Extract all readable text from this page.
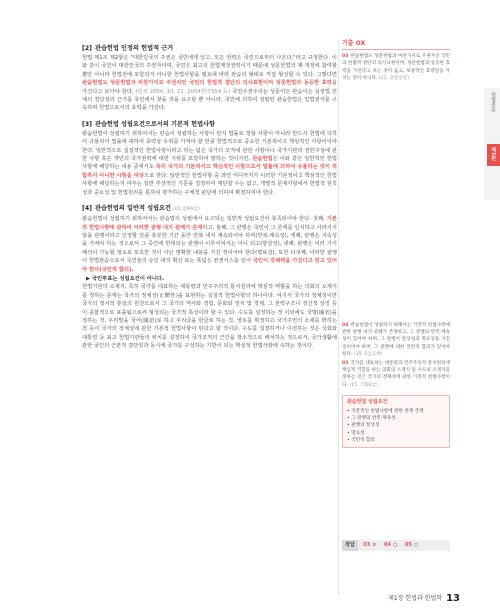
[2] 관습헌법 인정의 헌법적 근거

헌법 제1조 제2항은 "대한민국의 주권은 국민에게 있고, 모든 권력은 국민으로부터 나온다."라고 규정한다. 이와 같이 국민이 대한민국의 주권자이며, 국민은 최고의 헌법제정권력이기 때문에 성문헌법의 제·개정에 참여할 뿐만 아니라 헌법전에 포함되지 아니한 헌법사항을 필요에 따라 관습의 형태로 직접 형성할 수 있다. 그렇다면 관습헌법도 성문헌법과 마찬가지로 주권자인 국민의 헌법적 결단의 의사표현이며 성문헌법과 동등한 효력을 가진다고 보아야 한다. (헌재 2004. 10. 21. 2004헌마554 등) 국민주권주의는 성문이든 관습이든 실정법 전체의 정당성의 근거를 국민에서 찾을 것을 요구할 뿐 아니라, 국민에 의하여 정립된 관습헌법은 입법권자를 구속하며 헌법으로서의 효력을 가진다.

[3] 관습헌법 성립요건으로서의 기본적 헌법사항

관습헌법이 성립하기 위하여서는 관습이 성립하는 사항이 단지 법률로 정할 사항이 아니라 반드시 헌법에 의하여 규율되어 법률에 대하여 효력상 우위를 가져야 할 만큼 헌법적으로 중요한 기본적이고 핵심적인 사항이어야 한다. 일반적으로 실질적인 헌법사항이라고 하는 넓은 국가의 조직에 관한 사항이나 국가기관의 권한구성에 관한 사항 혹은 개인의 국가권력에 대한 지위를 포함하여 말하는 것이지만, 관습헌법은 이와 같은 일반적인 헌법사항에 해당하는 내용 중에서도 특히 국가의 기본적이고 핵심적인 사항으로서 법률에 의하여 규율하는 것이 적합하지 아니한 사항을 대상으로 한다. 일반적인 헌법사항 중 과연 어디까지가 이러한 기본적이고 핵심적인 헌법사항에 해당하는지 여부는 일반 추상적인 기준을 설정하여 재단할 수는 없고, 개별적 문제사항에서 헌법적 원칙성과 중요성 및 헌법원리를 통하여 평가하는 구체적 판단에 의하여 확정하여야 한다.

[4] 관습헌법의 일반적 성립요건 (05 법원9급)

관습헌법이 성립하기 위하여서는 관습법의 성립에서 요구되는 일반적 성립요건이 충족되어야 한다. 첫째, 기본적 헌법사항에 관하여 어떠한 관행 내지 관례가 존재하고, 둘째, 그 관행은 국민이 그 존재를 인식하고 사라지지 않을 관행이라고 인정할 만큼 충분한 기간 동안 반복 내지 계속되어야 하며(반복·계속성), 셋째, 관행은 지속성을 가져야 하는 것으로서 그 중간에 반대되는 관행이 이루어져서는 아니 되고(항상성), 넷째, 관행은 여러 가지 해석이 가능할 정도로 모호한 것이 아닌 명확한 내용을 가진 것이어야 한다(명료성). 또한 다섯째, 이러한 관행이 헌법관습으로서 국민들의 승인 내지 확신 또는 폭넓은 컨센서스를 얻어 국민이 강제력을 가진다고 믿고 있어야 한다(국민적 합의).

▶ 국민투표는 성립요건이 아니다.

헌법기관의 소재지, 특히 국가를 대표하는 대통령과 민주주의적 통치원리에 핵심적 역할을 하는 의회의 소재지를 정하는 문제는 국가의 정체성(正體性)을 표현하는 실질적 헌법사항의 하나이다. 여기서 국가의 정체성이란 국가의 정서적 통일의 원천으로서 그 국가의 역사와 경험, 문화와 정치 및 경제, 그 권력구조나 정신적 상징 등이 종합적으로 표출됨으로써 형성되는 국가적 특성이라 할 수 있다. 수도를 설정하는 것 이외에도 국명(國名)을 정하는 것, 우리말을 국어(國語)로 하고 우리글을 한글로 하는 것, 영토를 획정하고 국가주권의 소재를 밝히는 것 등이 국가의 정체성에 관한 기본적 헌법사항이 된다고 할 것이다. 수도를 설정하거나 이전하는 것은 국회와 대통령 등 최고 헌법기관들의 위치를 설정하여 국가조직의 근간을 장소적으로 배치하는 것으로서, 국가생활에 관한 국민의 근본적 결단임과 동시에 국가를 구성하는 기반이 되는 핵심적 헌법사항에 속하는 것이다.

기출 OX

03 관습헌법도 성문헌법과 마찬가지로 주권자인 국민의 헌법적 결단의 의사표현이며, 성문헌법과 동등한 효력을 가진다고 보는 것이 옳고, 보충적인 효력만을 가지는 것이 아니다. (22. 경찰승진)

04 관습헌법이 성립하기 위해서는 기본적 헌법사항에 관한 관행 내지 관례가 존재하고, 그 관행의 반복·계속성이 있어야 하며, 그 관행이 항상성과 명료성을 가진 것이어야 하며, 그 관행에 대한 국민적 합의가 있어야 한다. (15. 5급공채)

05 국가를 대표하는 대통령과 민주주의적 통치원리에 핵심적 역할을 하는 의회의 소재지 및 수도의 소재지를 정하는 것은 국가의 정체성에 관한 기본적 헌법사항이다. (15. 국회8급)

관습헌법 성립요건
• 기본적인 헌법사항에 관한 관행 존재
• 그 관행의 반복·계속성
• 관행의 항상성
• 명료성
• 국민적 합의
정답 03 × 04 ○ 05 ○
제1장 헌법과 헌법학 13
헌법총론
제1편
